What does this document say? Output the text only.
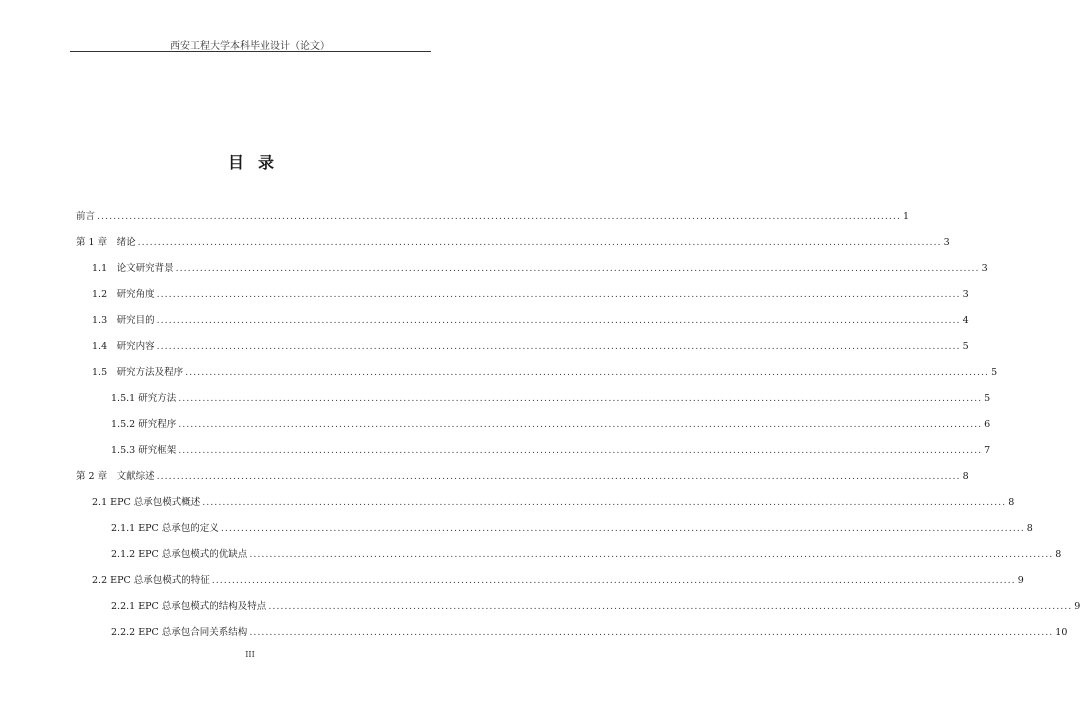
西安工程大学本科毕业设计（论文）
目录
前言 ........................................................................................................................................................................................................ 1
第 1 章　绪论 ........................................................................................................................................................................................................ 3
1.1　论文研究背景 ........................................................................................................................................................................................................ 3
1.2　研究角度 ........................................................................................................................................................................................................ 3
1.3　研究目的 ........................................................................................................................................................................................................ 4
1.4　研究内容 ........................................................................................................................................................................................................ 5
1.5　研究方法及程序 ........................................................................................................................................................................................................ 5
1.5.1 研究方法 ........................................................................................................................................................................................................ 5
1.5.2 研究程序 ........................................................................................................................................................................................................ 6
1.5.3 研究框架 ........................................................................................................................................................................................................ 7
第 2 章　文献综述 ........................................................................................................................................................................................................ 8
2.1 EPC 总承包模式概述 ........................................................................................................................................................................................................ 8
2.1.1 EPC 总承包的定义 ........................................................................................................................................................................................................ 8
2.1.2 EPC 总承包模式的优缺点 ........................................................................................................................................................................................................ 8
2.2 EPC 总承包模式的特征 ........................................................................................................................................................................................................ 9
2.2.1 EPC 总承包模式的结构及特点 ........................................................................................................................................................................................................ 9
2.2.2 EPC 总承包合同关系结构 ........................................................................................................................................................................................................ 10
III
